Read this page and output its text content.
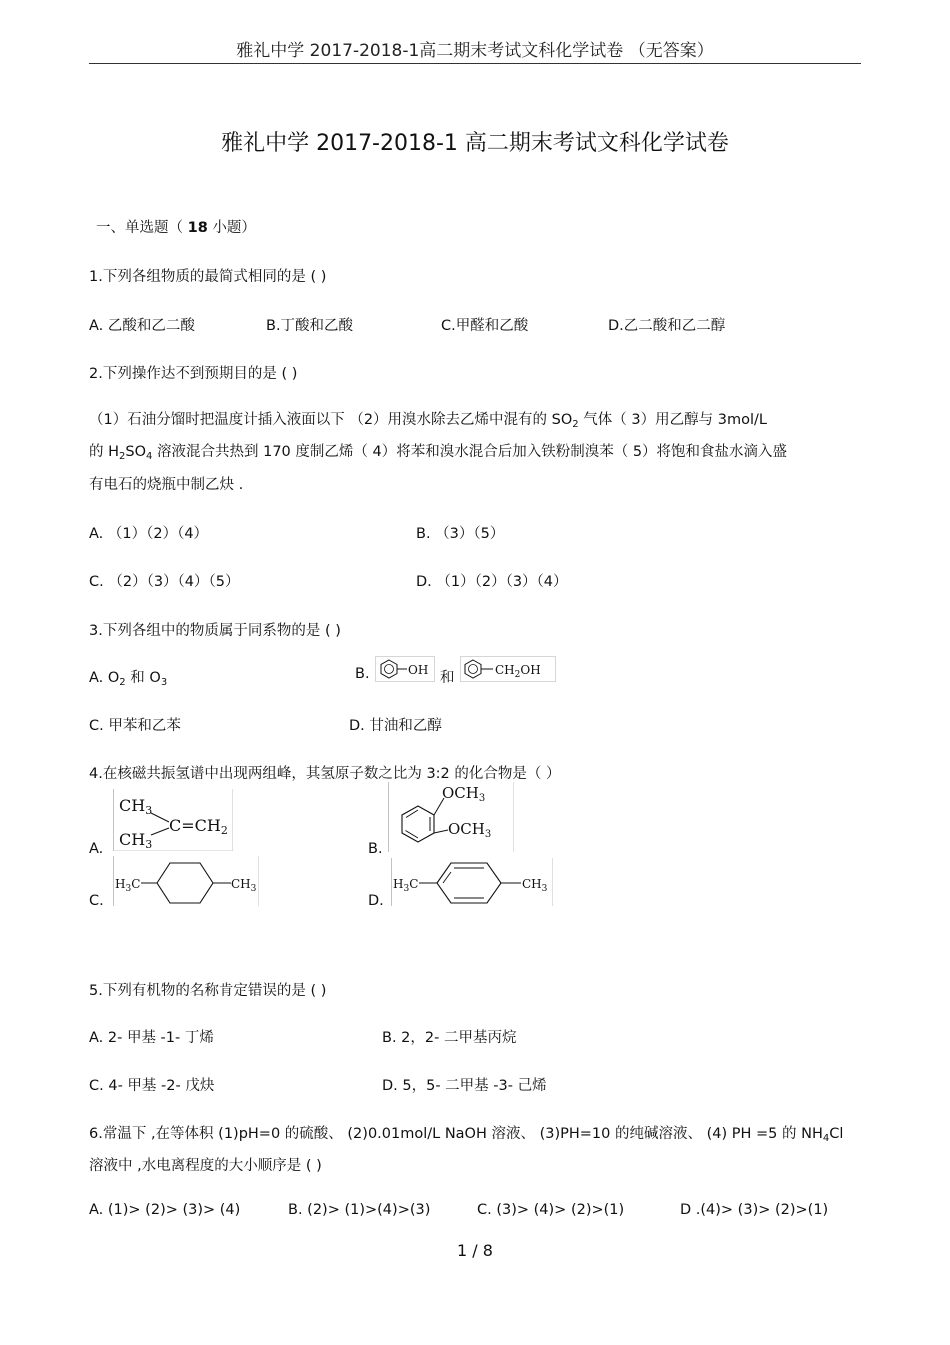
雅礼中学 2017-2018-1高二期末考试文科化学试卷 （无答案）
雅礼中学 2017-2018-1 高二期末考试文科化学试卷
一、单选题（ 18 小题）
1.下列各组物质的最简式相同的是 ( )
A. 乙酸和乙二酸	B.丁酸和乙酸	C.甲醛和乙酸	D.乙二酸和乙二醇
2.下列操作达不到预期目的是 ( )
（1）石油分馏时把温度计插入液面以下 （2）用溴水除去乙烯中混有的 $SO_2$ 气体（ 3）用乙醇与 3mol/L
的 $H_2SO_4$ 溶液混合共热到 170 度制乙烯（ 4）将苯和溴水混合后加入铁粉制溴苯（ 5）将饱和食盐水滴入盛
有电石的烧瓶中制乙炔 .
A. （1）（2）（4）	B. （3）（5）
C. （2）（3）（4）（5）	D. （1）（2）（3）（4）
3.下列各组中的物质属于同系物的是 ( )
A. $O_2$ 和 $O_3$
B.	OH 和	$CH_2OH$
C. 甲苯和乙苯	D. 甘油和乙醇
4.在核磁共振氢谱中出现两组峰，其氢原子数之比为 3:2 的化合物是（ ）
A.
CH3
CH3
C=CH2
B.
$OCH_3$
$OCH_3$
C.
$H_3C$	$CH_3$
D.
$H_3C$	$CH_3$
5.下列有机物的名称肯定错误的是 ( )
A. 2- 甲基 -1- 丁烯	B. 2，2- 二甲基丙烷
C. 4- 甲基 -2- 戊炔	D. 5，5- 二甲基 -3- 己烯
6.常温下 ,在等体积 (1)pH=0 的硫酸、 (2)0.01mol/L NaOH 溶液、 (3)PH=10 的纯碱溶液、 (4) PH =5 的 $NH_4Cl$
溶液中 ,水电离程度的大小顺序是 ( )
A. (1)> (2)> (3)> (4)	B. (2)> (1)>(4)>(3)	C. (3)> (4)> (2)>(1)	D .(4)> (3)> (2)>(1)
1 / 8
